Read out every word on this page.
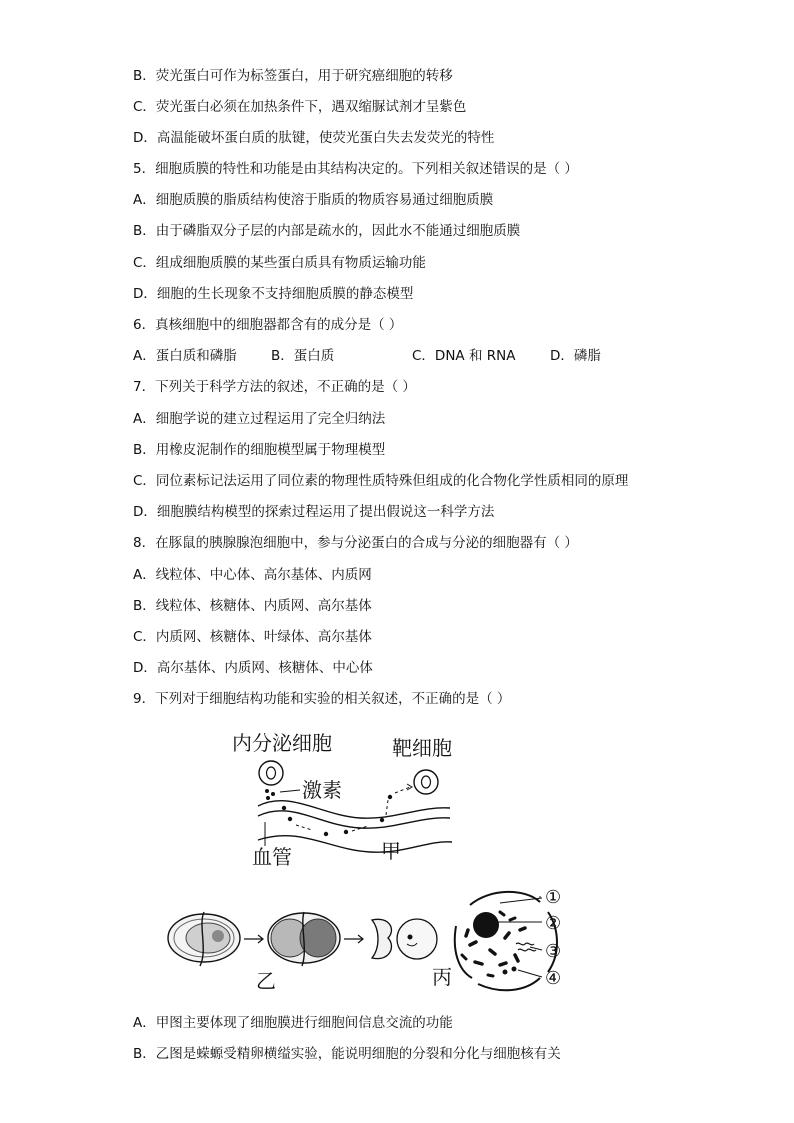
B．荧光蛋白可作为标签蛋白，用于研究癌细胞的转移
C．荧光蛋白必须在加热条件下，遇双缩脲试剂才呈紫色
D．高温能破坏蛋白质的肽键，使荧光蛋白失去发荧光的特性
5．细胞质膜的特性和功能是由其结构决定的。下列相关叙述错误的是（ ）
A．细胞质膜的脂质结构使溶于脂质的物质容易通过细胞质膜
B．由于磷脂双分子层的内部是疏水的，因此水不能通过细胞质膜
C．组成细胞质膜的某些蛋白质具有物质运输功能
D．细胞的生长现象不支持细胞质膜的静态模型
6．真核细胞中的细胞器都含有的成分是（ ）
A．蛋白质和磷脂	B．蛋白质	C．DNA 和 RNA	D．磷脂
7．下列关于科学方法的叙述，不正确的是（ ）
A．细胞学说的建立过程运用了完全归纳法
B．用橡皮泥制作的细胞模型属于物理模型
C．同位素标记法运用了同位素的物理性质特殊但组成的化合物化学性质相同的原理
D．细胞膜结构模型的探索过程运用了提出假说这一科学方法
8．在豚鼠的胰腺腺泡细胞中，参与分泌蛋白的合成与分泌的细胞器有（ ）
A．线粒体、中心体、高尔基体、内质网
B．线粒体、核糖体、内质网、高尔基体
C．内质网、核糖体、叶绿体、高尔基体
D．高尔基体、内质网、核糖体、中心体
9．下列对于细胞结构功能和实验的相关叙述，不正确的是（ ）
内分泌细胞	靶细胞
激素
血管	甲
乙
①
②
③
④
丙
A．甲图主要体现了细胞膜进行细胞间信息交流的功能
B．乙图是蝾螈受精卵横缢实验，能说明细胞的分裂和分化与细胞核有关
